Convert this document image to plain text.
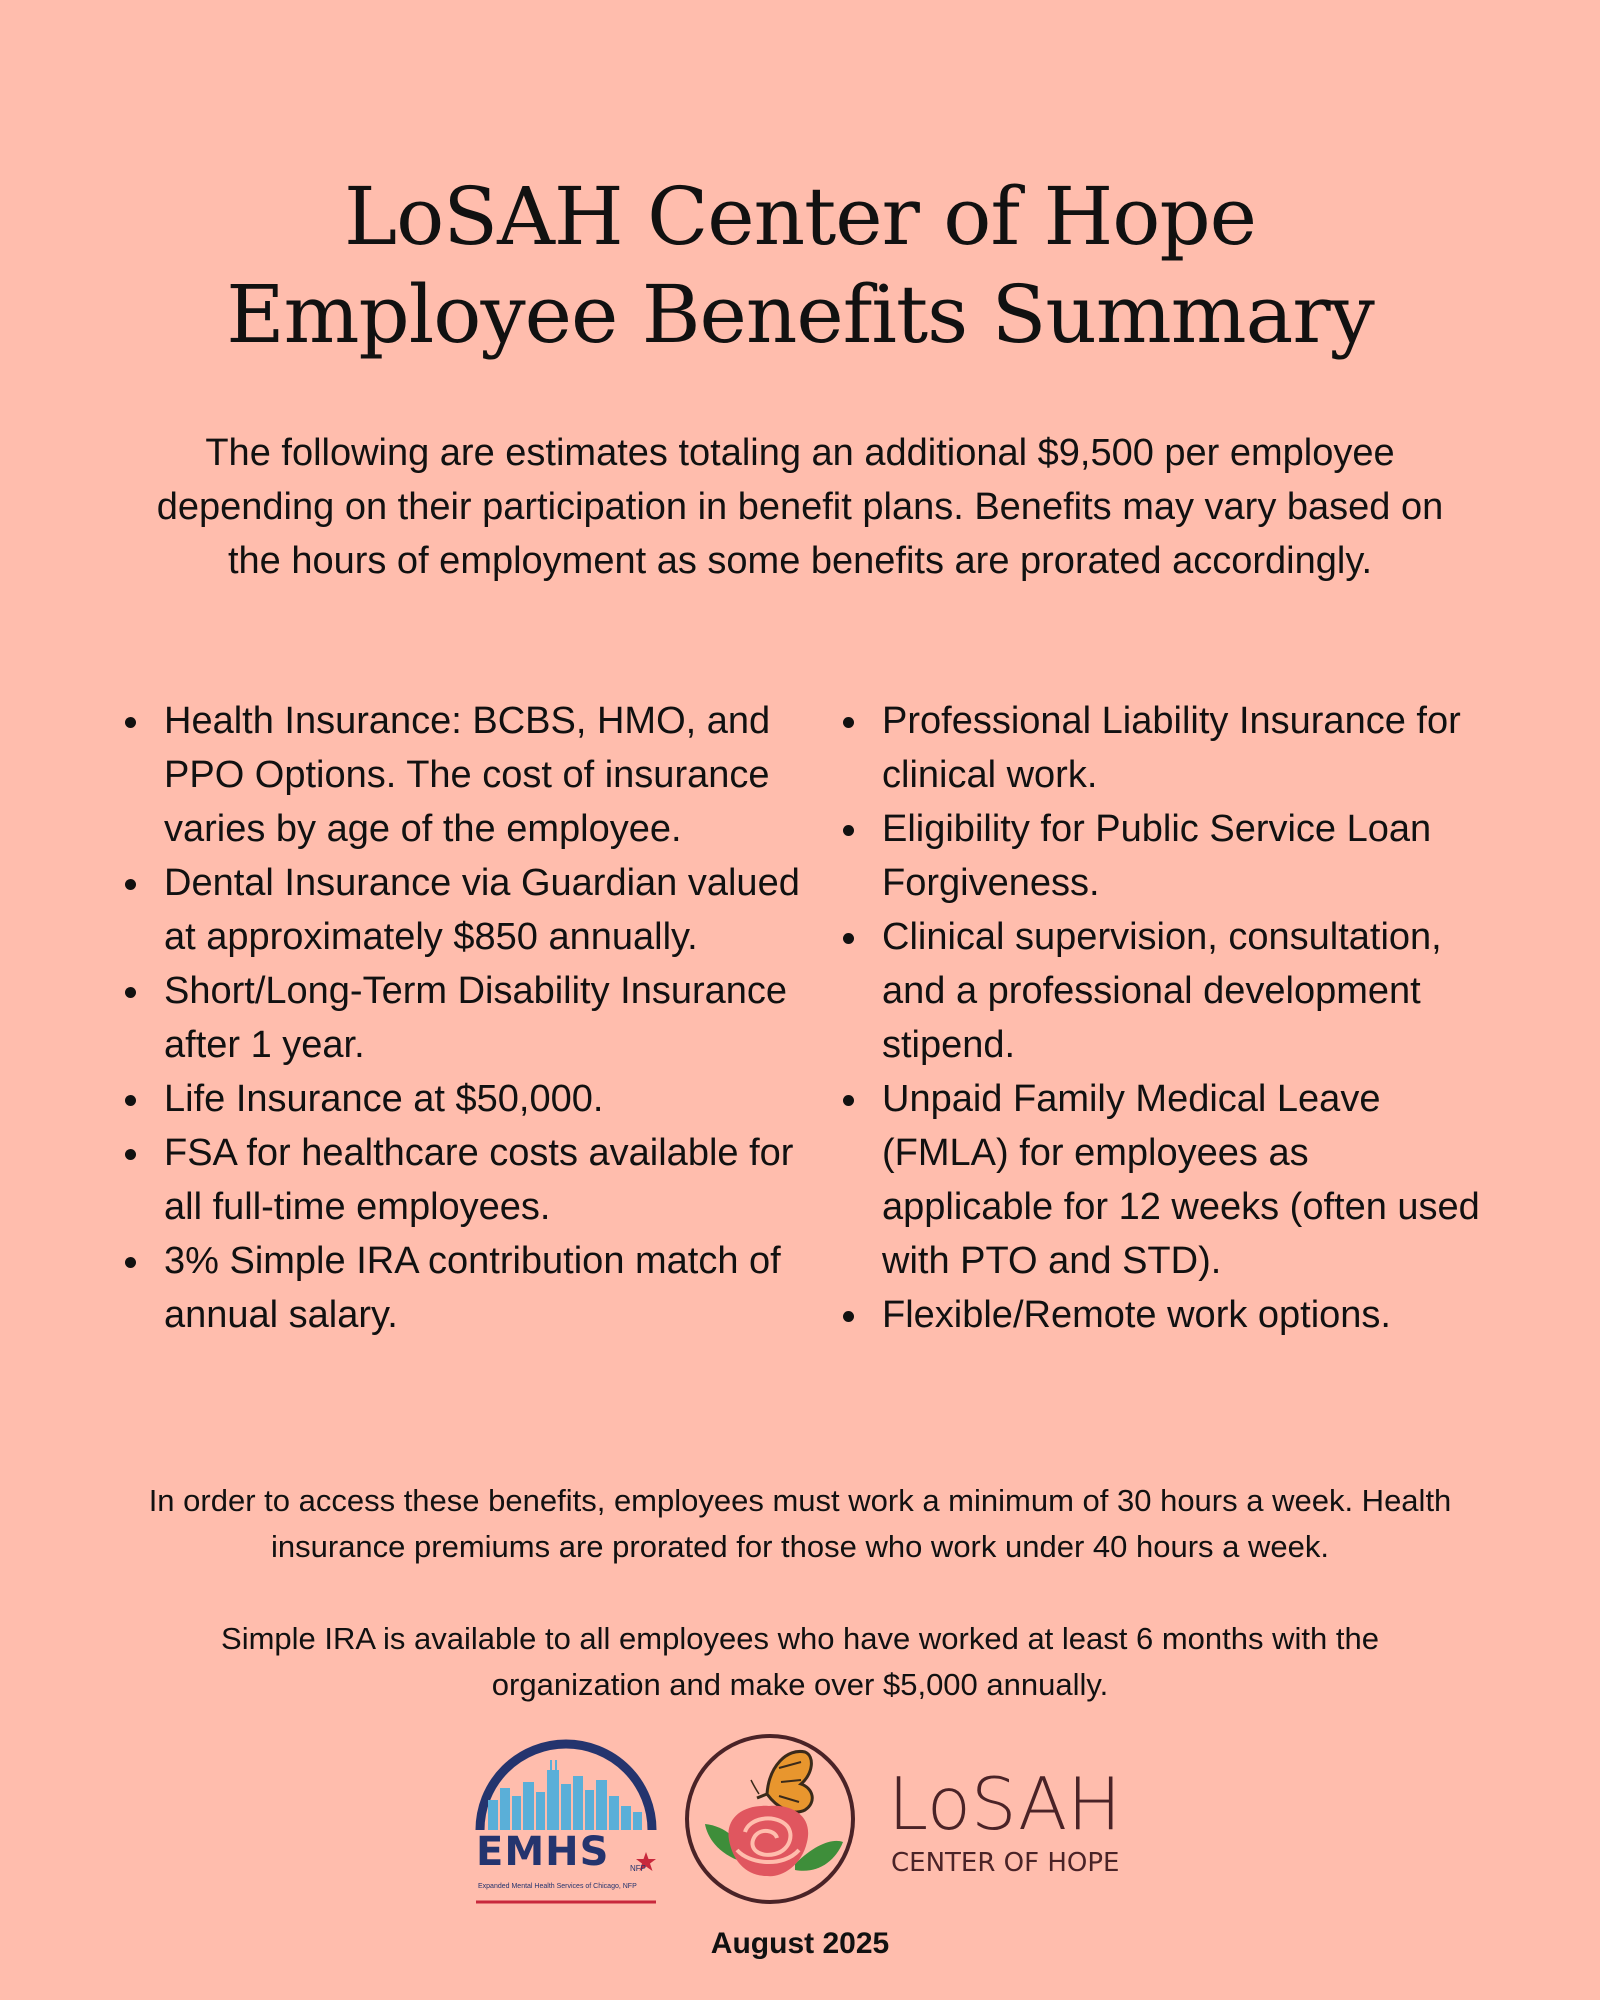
LoSAH Center of Hope
Employee Benefits Summary

The following are estimates totaling an additional $9,500 per employee depending on their participation in benefit plans. Benefits may vary based on the hours of employment as some benefits are prorated accordingly.

Health Insurance: BCBS, HMO, and PPO Options. The cost of insurance varies by age of the employee.
Dental Insurance via Guardian valued at approximately $850 annually.
Short/Long-Term Disability Insurance after 1 year.
Life Insurance at $50,000.
FSA for healthcare costs available for all full-time employees.
3% Simple IRA contribution match of annual salary.
Professional Liability Insurance for clinical work.
Eligibility for Public Service Loan Forgiveness.
Clinical supervision, consultation, and a professional development stipend.
Unpaid Family Medical Leave (FMLA) for employees as applicable for 12 weeks (often used with PTO and STD).
Flexible/Remote work options.

In order to access these benefits, employees must work a minimum of 30 hours a week. Health insurance premiums are prorated for those who work under 40 hours a week.

Simple IRA is available to all employees who have worked at least 6 months with the organization and make over $5,000 annually.

EMHS	NFP
Expanded Mental Health Services of Chicago, NFP
LoSAH
CENTER OF HOPE

August 2025
